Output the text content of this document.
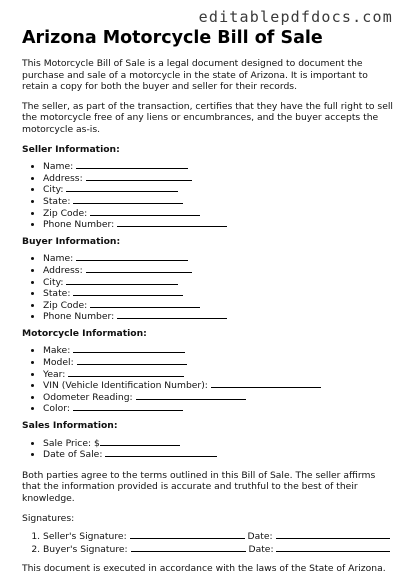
editablepdfdocs.com
Arizona Motorcycle Bill of Sale

This Motorcycle Bill of Sale is a legal document designed to document the purchase and sale of a motorcycle in the state of Arizona. It is important to retain a copy for both the buyer and seller for their records.

The seller, as part of the transaction, certifies that they have the full right to sell the motorcycle free of any liens or encumbrances, and the buyer accepts the motorcycle as-is.

Seller Information:
• Name:
• Address:
• City:
• State:
• Zip Code:
• Phone Number:
Buyer Information:
• Name:
• Address:
• City:
• State:
• Zip Code:
• Phone Number:
Motorcycle Information:
• Make:
• Model:
• Year:
• VIN (Vehicle Identification Number):
• Odometer Reading:
• Color:
Sales Information:
• Sale Price: $
• Date of Sale:

Both parties agree to the terms outlined in this Bill of Sale. The seller affirms that the information provided is accurate and truthful to the best of their knowledge.

Signatures:

1. Seller's Signature:	Date:
2. Buyer's Signature:	Date:

This document is executed in accordance with the laws of the State of Arizona.
